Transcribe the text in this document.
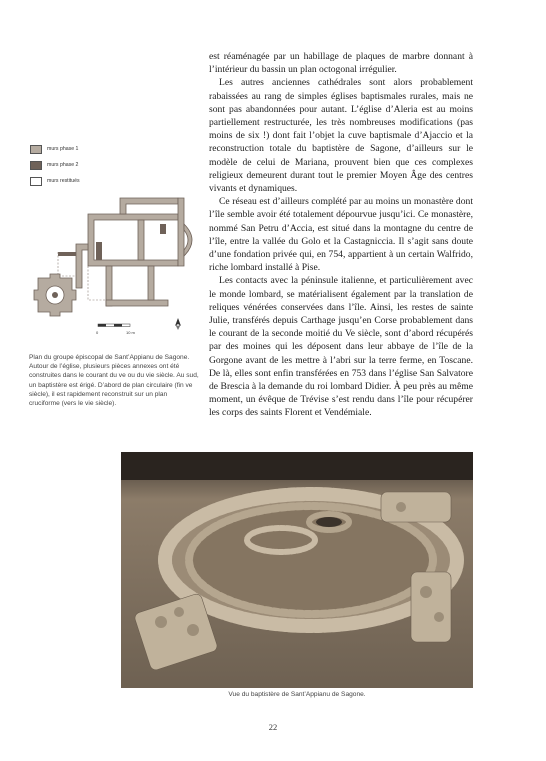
murs phase 1
murs phase 2
murs restitués
0	10 m
Plan du groupe épiscopal de Sant’Appianu de Sagone. Autour de l’église, plusieurs pièces annexes ont été construites dans le courant du ve ou du vie siècle. Au sud, un baptistère est érigé. D’abord de plan circulaire (fin ve siècle), il est rapidement reconstruit sur un plan cruciforme (vers le vie siècle).

est réaménagée par un habillage de plaques de marbre donnant à l’intérieur du bassin un plan octogonal irrégulier.

Les autres anciennes cathédrales sont alors probablement rabaissées au rang de simples églises baptismales rurales, mais ne sont pas abandonnées pour autant. L’église d’Aleria est au moins partiellement restructurée, les très nombreuses modifications (pas moins de six !) dont fait l’objet la cuve baptismale d’Ajaccio et la reconstruction totale du baptistère de Sagone, d’ailleurs sur le modèle de celui de Mariana, prouvent bien que ces complexes religieux demeurent durant tout le premier Moyen Âge des centres vivants et dynamiques.

Ce réseau est d’ailleurs complété par au moins un monastère dont l’île semble avoir été totalement dépourvue jusqu’ici. Ce monastère, nommé San Petru d’Accia, est situé dans la montagne du centre de l’île, entre la vallée du Golo et la Castagniccia. Il s’agit sans doute d’une fondation privée qui, en 754, appartient à un certain Walfrido, riche lombard installé à Pise.

Les contacts avec la péninsule italienne, et particulièrement avec le monde lombard, se matérialisent également par la translation de reliques vénérées conservées dans l’île. Ainsi, les restes de sainte Julie, transférés depuis Carthage jusqu’en Corse probablement dans le courant de la seconde moitié du Ve siècle, sont d’abord récupérés par des moines qui les déposent dans leur abbaye de l’île de la Gorgone avant de les mettre à l’abri sur la terre ferme, en Toscane. De là, elles sont enfin transférées en 753 dans l’église San Salvatore de Brescia à la demande du roi lombard Didier. À peu près au même moment, un évêque de Trévise s’est rendu dans l’île pour récupérer les corps des saints Florent et Vendémiale.

Vue du baptistère de Sant’Appianu de Sagone.
22
